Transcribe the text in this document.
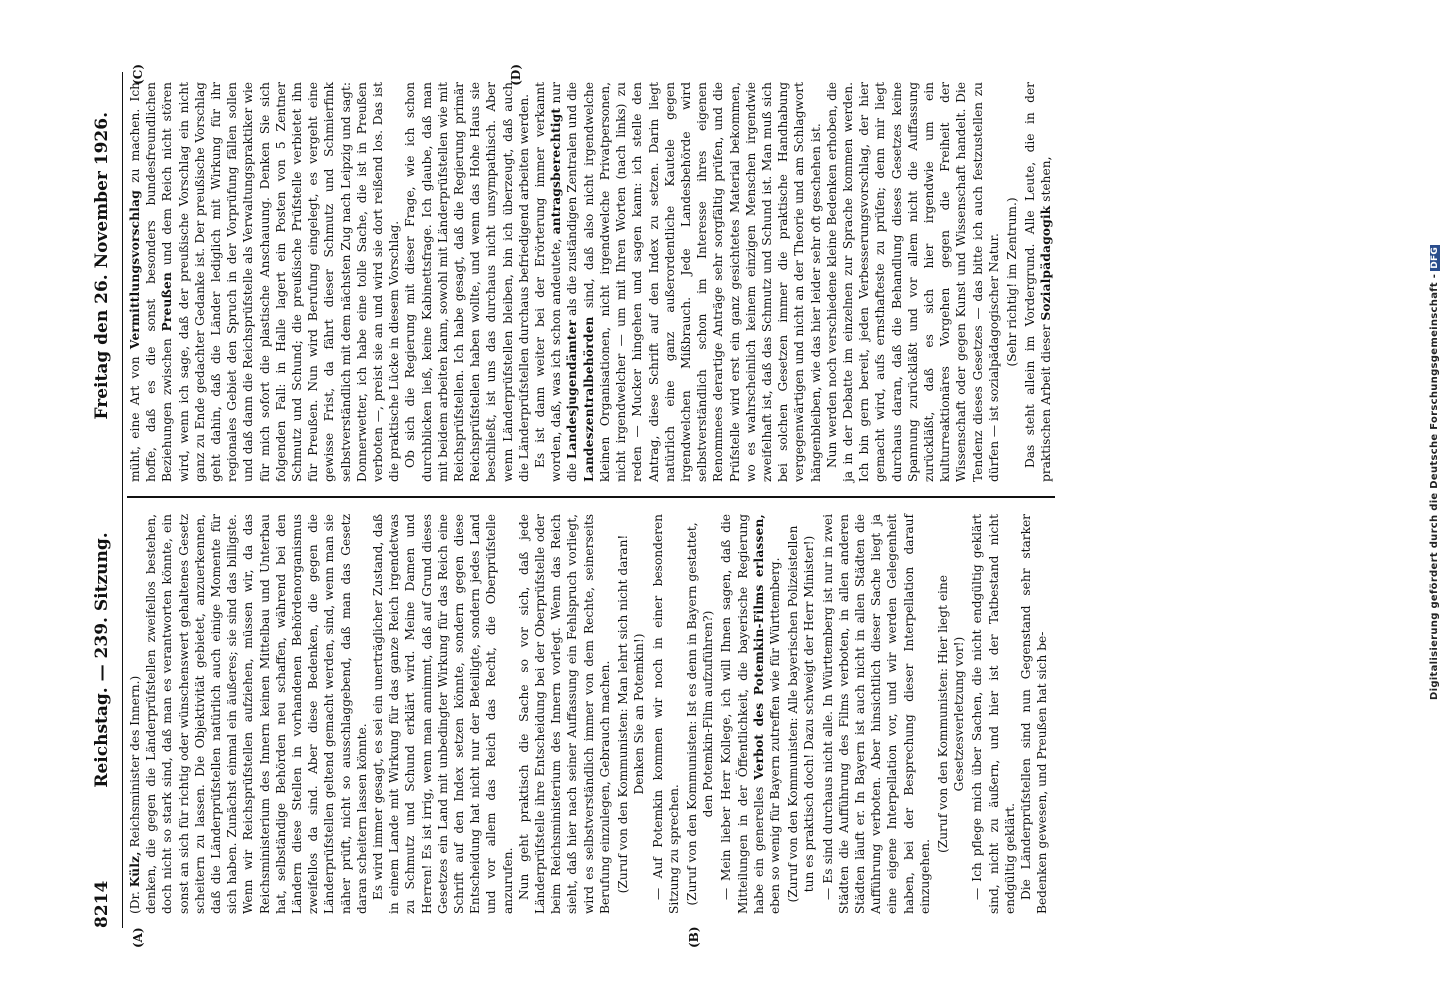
8214
Reichstag. — 239. Sitzung.
Freitag den 26. November 1926.
(A)	(B)
(C)	(D)

(Dr. Külz, Reichsminister des Innern.) denken, die gegen die Länderprüfstellen zweifellos bestehen, doch nicht so stark sind, daß man es verantworten könnte, ein sonst an sich für richtig oder wünschenswert gehaltenes Gesetz scheitern zu lassen. Die Objektivität gebietet, anzuerkennen, daß die Länderprüfstellen natürlich auch einige Momente für sich haben. Zunächst einmal ein äußeres; sie sind das billigste. Wenn wir Reichsprüfstellen aufziehen, müssen wir, da das Reichsministerium des Innern keinen Mittelbau und Unterbau hat, selbständige Behörden neu schaffen, während bei den Ländern diese Stellen in vorhandenen Behördenorganismus zweifellos da sind. Aber diese Bedenken, die gegen die Länderprüfstellen geltend gemacht werden, sind, wenn man sie näher prüft, nicht so ausschlaggebend, daß man das Gesetz daran scheitern lassen könnte. Es wird immer gesagt, es sei ein unerträglicher Zustand, daß in einem Lande mit Wirkung für das ganze Reich irgendetwas zu Schmutz und Schund erklärt wird. Meine Damen und Herren! Es ist irrig, wenn man annimmt, daß auf Grund dieses Gesetzes ein Land mit unbedingter Wirkung für das Reich eine Schrift auf den Index setzen könnte, sondern gegen diese Entscheidung hat nicht nur der Beteiligte, sondern jedes Land und vor allem das Reich das Recht, die Oberprüfstelle anzurufen. Nun geht praktisch die Sache so vor sich, daß jede Länderprüfstelle ihre Entscheidung bei der Oberprüfstelle oder beim Reichsministerium des Innern vorlegt. Wenn das Reich sieht, daß hier nach seiner Auffassung ein Fehlspruch vorliegt, wird es selbstverständlich immer von dem Rechte, seinerseits Berufung einzulegen, Gebrauch machen. (Zuruf von den Kommunisten: Man lehrt sich nicht daran! Denken Sie an Potemkin!) — Auf Potemkin kommen wir noch in einer besonderen Sitzung zu sprechen. (Zuruf von den Kommunisten: Ist es denn in Bayern gestattet, den Potemkin-Film aufzuführen?) — Mein lieber Herr Kollege, ich will Ihnen sagen, daß die Mitteilungen in der Öffentlichkeit, die bayerische Regierung habe ein generelles Verbot des Potemkin-Films erlassen, eben so wenig für Bayern zutreffen wie für Württemberg. (Zuruf von den Kommunisten: Alle bayerischen Polizeistellen tun es praktisch doch! Dazu schweigt der Herr Minister!) — Es sind durchaus nicht alle. In Württemberg ist nur in zwei Städten die Aufführung des Films verboten, in allen anderen Städten läuft er. In Bayern ist auch nicht in allen Städten die Aufführung verboten. Aber hinsichtlich dieser Sache liegt ja eine eigene Interpellation vor, und wir werden Gelegenheit haben, bei der Besprechung dieser Interpellation darauf einzugehen.

(Zuruf von den Kommunisten: Hier liegt eine Gesetzesverletzung vor!) — Ich pflege mich über Sachen, die nicht endgültig geklärt sind, nicht zu äußern, und hier ist der Tatbestand nicht endgültig geklärt. Die Länderprüfstellen sind nun Gegenstand sehr starker Bedenken gewesen, und Preußen hat sich be-

müht, eine Art von Vermittlungsvorschlag zu machen. Ich hoffe, daß es die sonst besonders bundesfreundlichen Beziehungen zwischen Preußen und dem Reich nicht stören wird, wenn ich sage, daß der preußische Vorschlag ein nicht ganz zu Ende gedachter Gedanke ist. Der preußische Vorschlag geht dahin, daß die Länder lediglich mit Wirkung für ihr regionales Gebiet den Spruch in der Vorprüfung fällen sollen und daß dann die Reichsprüfstelle als Verwaltungspraktiker wie für mich sofort die plastische Anschauung. Denken Sie sich folgenden Fall: in Halle lagert ein Posten von 5 Zentner Schmutz und Schund; die preußische Prüfstelle verbietet ihn für Preußen. Nun wird Berufung eingelegt, es vergeht eine gewisse Frist, da fährt dieser Schmutz und Schmierfink selbstverständlich mit dem nächsten Zug nach Leipzig und sagt: Donnerwetter, ich habe eine tolle Sache, die ist in Preußen verboten —, preist sie an und wird sie dort reißend los. Das ist die praktische Lücke in diesem Vorschlag. Ob sich die Regierung mit dieser Frage, wie ich schon durchblicken ließ, keine Kabinettsfrage. Ich glaube, daß man mit beidem arbeiten kann, sowohl mit Länderprüfstellen wie mit Reichsprüfstellen. Ich habe gesagt, daß die Regierung primär Reichsprüfstellen haben wollte, und wenn das Hohe Haus sie beschließt, ist uns das durchaus nicht unsympathisch. Aber wenn Länderprüfstellen bleiben, bin ich überzeugt, daß auch die Länderprüfstellen durchaus befriedigend arbeiten werden. Es ist dann weiter bei der Erörterung immer verkannt worden, daß, was ich schon andeutete, antragsberechtigt nur die Landesjugendämter als die zuständigen Zentralen und die Landeszentralbehörden sind, daß also nicht irgendwelche kleinen Organisationen, nicht irgendwelche Privatpersonen, nicht irgendwelcher — um mit Ihren Worten (nach links) zu reden — Mucker hingehen und sagen kann: ich stelle den Antrag, diese Schrift auf den Index zu setzen. Darin liegt natürlich eine ganz außerordentliche Kautele gegen irgendwelchen Mißbrauch. Jede Landesbehörde wird selbstverständlich schon im Interesse ihres eigenen Renommees derartige Anträge sehr sorgfältig prüfen, und die Prüfstelle wird erst ein ganz gesichtetes Material bekommen, wo es wahrscheinlich keinem einzigen Menschen irgendwie zweifelhaft ist, daß das Schmutz und Schund ist. Man muß sich bei solchen Gesetzen immer die praktische Handhabung vergegenwärtigen und nicht an der Theorie und am Schlagwort hängenbleiben, wie das hier leider sehr oft geschehen ist. Nun werden noch verschiedene kleine Bedenken erhoben, die ja in der Debatte im einzelnen zur Sprache kommen werden. Ich bin gern bereit, jeden Verbesserungsvorschlag, der hier gemacht wird, aufs ernsthafteste zu prüfen; denn mir liegt durchaus daran, daß die Behandlung dieses Gesetzes keine Spannung zurückläßt und vor allem nicht die Auffassung zurückläßt, daß es sich hier irgendwie um ein kulturreaktionäres Vorgehen gegen die Freiheit der Wissenschaft oder gegen Kunst und Wissenschaft handelt. Die Tendenz dieses Gesetzes — das bitte ich auch festzustellen zu dürfen — ist sozialpädagogischer Natur. (Sehr richtig! im Zentrum.) Das steht allein im Vordergrund. Alle Leute, die in der praktischen Arbeit dieser Sozialpädagogik stehen,

Digitalisierung gefördert durch die Deutsche Forschungsgemeinschaft -DFG
